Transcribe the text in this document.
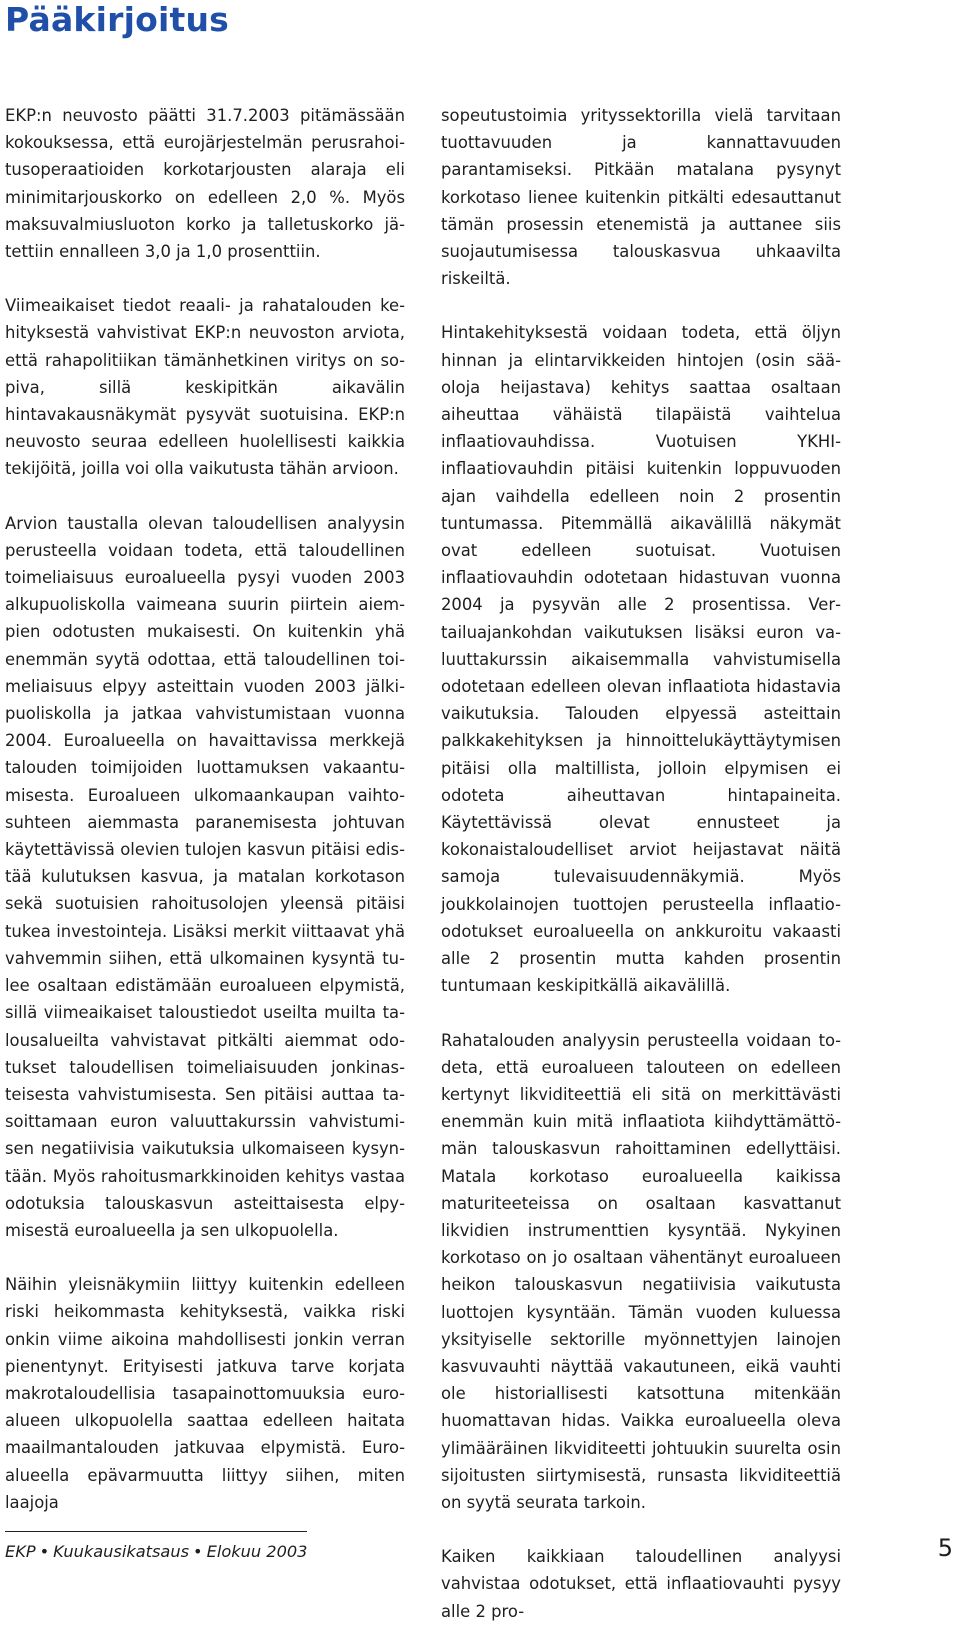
Pääkirjoitus

EKP:n neuvosto päätti 31.7.2003 pitämässään kokouksessa, että eurojärjestelmän perusrahoitusoperaatioiden korkotarjousten alaraja eli minimitarjouskorko on edelleen 2,0 %. Myös maksuvalmiusluoton korko ja talletuskorko jätettiin ennalleen 3,0 ja 1,0 prosenttiin.

Viimeaikaiset tiedot reaali- ja rahatalouden kehityksestä vahvistivat EKP:n neuvoston arviota, että rahapolitiikan tämänhetkinen viritys on sopiva, sillä keskipitkän aikavälin hintavakausnäkymät pysyvät suotuisina. EKP:n neuvosto seuraa edelleen huolellisesti kaikkia tekijöitä, joilla voi olla vaikutusta tähän arvioon.

Arvion taustalla olevan taloudellisen analyysin perusteella voidaan todeta, että taloudellinen toimeliaisuus euroalueella pysyi vuoden 2003 alkupuoliskolla vaimeana suurin piirtein aiempien odotusten mukaisesti. On kuitenkin yhä enemmän syytä odottaa, että taloudellinen toimeliaisuus elpyy asteittain vuoden 2003 jälkipuoliskolla ja jatkaa vahvistumistaan vuonna 2004. Euroalueella on havaittavissa merkkejä talouden toimijoiden luottamuksen vakaantumisesta. Euroalueen ulkomaankaupan vaihtosuhteen aiemmasta paranemisesta johtuvan käytettävissä olevien tulojen kasvun pitäisi edistää kulutuksen kasvua, ja matalan korkotason sekä suotuisien rahoitusolojen yleensä pitäisi tukea investointeja. Lisäksi merkit viittaavat yhä vahvemmin siihen, että ulkomainen kysyntä tulee osaltaan edistämään euroalueen elpymistä, sillä viimeaikaiset taloustiedot useilta muilta talousalueilta vahvistavat pitkälti aiemmat odotukset taloudellisen toimeliaisuuden jonkinasteisesta vahvistumisesta. Sen pitäisi auttaa tasoittamaan euron valuuttakurssin vahvistumisen negatiivisia vaikutuksia ulkomaiseen kysyntään. Myös rahoitusmarkkinoiden kehitys vastaa odotuksia talouskasvun asteittaisesta elpymisestä euroalueella ja sen ulkopuolella.

Näihin yleisnäkymiin liittyy kuitenkin edelleen riski heikommasta kehityksestä, vaikka riski onkin viime aikoina mahdollisesti jonkin verran pienentynyt. Erityisesti jatkuva tarve korjata makrotaloudellisia tasapainottomuuksia euroalueen ulkopuolella saattaa edelleen haitata maailmantalouden jatkuvaa elpymistä. Euroalueella epävarmuutta liittyy siihen, miten laajoja

sopeutustoimia yrityssektorilla vielä tarvitaan tuottavuuden ja kannattavuuden parantamiseksi. Pitkään matalana pysynyt korkotaso lienee kuitenkin pitkälti edesauttanut tämän prosessin etenemistä ja auttanee siis suojautumisessa talouskasvua uhkaavilta riskeiltä.

Hintakehityksestä voidaan todeta, että öljyn hinnan ja elintarvikkeiden hintojen (osin sääoloja heijastava) kehitys saattaa osaltaan aiheuttaa vähäistä tilapäistä vaihtelua inflaatiovauhdissa. Vuotuisen YKHI-inflaatiovauhdin pitäisi kuitenkin loppuvuoden ajan vaihdella edelleen noin 2 prosentin tuntumassa. Pitemmällä aikavälillä näkymät ovat edelleen suotuisat. Vuotuisen inflaatiovauhdin odotetaan hidastuvan vuonna 2004 ja pysyvän alle 2 prosentissa. Vertailuajankohdan vaikutuksen lisäksi euron valuuttakurssin aikaisemmalla vahvistumisella odotetaan edelleen olevan inflaatiota hidastavia vaikutuksia. Talouden elpyessä asteittain palkkakehityksen ja hinnoittelukäyttäytymisen pitäisi olla maltillista, jolloin elpymisen ei odoteta aiheuttavan hintapaineita. Käytettävissä olevat ennusteet ja kokonaistaloudelliset arviot heijastavat näitä samoja tulevaisuudennäkymiä. Myös joukkolainojen tuottojen perusteella inflaatio-odotukset euroalueella on ankkuroitu vakaasti alle 2 prosentin mutta kahden prosentin tuntumaan keskipitkällä aikavälillä.

Rahatalouden analyysin perusteella voidaan todeta, että euroalueen talouteen on edelleen kertynyt likviditeettiä eli sitä on merkittävästi enemmän kuin mitä inflaatiota kiihdyttämättömän talouskasvun rahoittaminen edellyttäisi. Matala korkotaso euroalueella kaikissa maturiteeteissa on osaltaan kasvattanut likvidien instrumenttien kysyntää. Nykyinen korkotaso on jo osaltaan vähentänyt euroalueen heikon talouskasvun negatiivisia vaikutusta luottojen kysyntään. Tämän vuoden kuluessa yksityiselle sektorille myönnettyjen lainojen kasvuvauhti näyttää vakautuneen, eikä vauhti ole historiallisesti katsottuna mitenkään huomattavan hidas. Vaikka euroalueella oleva ylimääräinen likviditeetti johtuukin suurelta osin sijoitusten siirtymisestä, runsasta likviditeettiä on syytä seurata tarkoin.

Kaiken kaikkiaan taloudellinen analyysi vahvistaa odotukset, että inflaatiovauhti pysyy alle 2 pro-

EKP • Kuukausikatsaus • Elokuu 2003	5
